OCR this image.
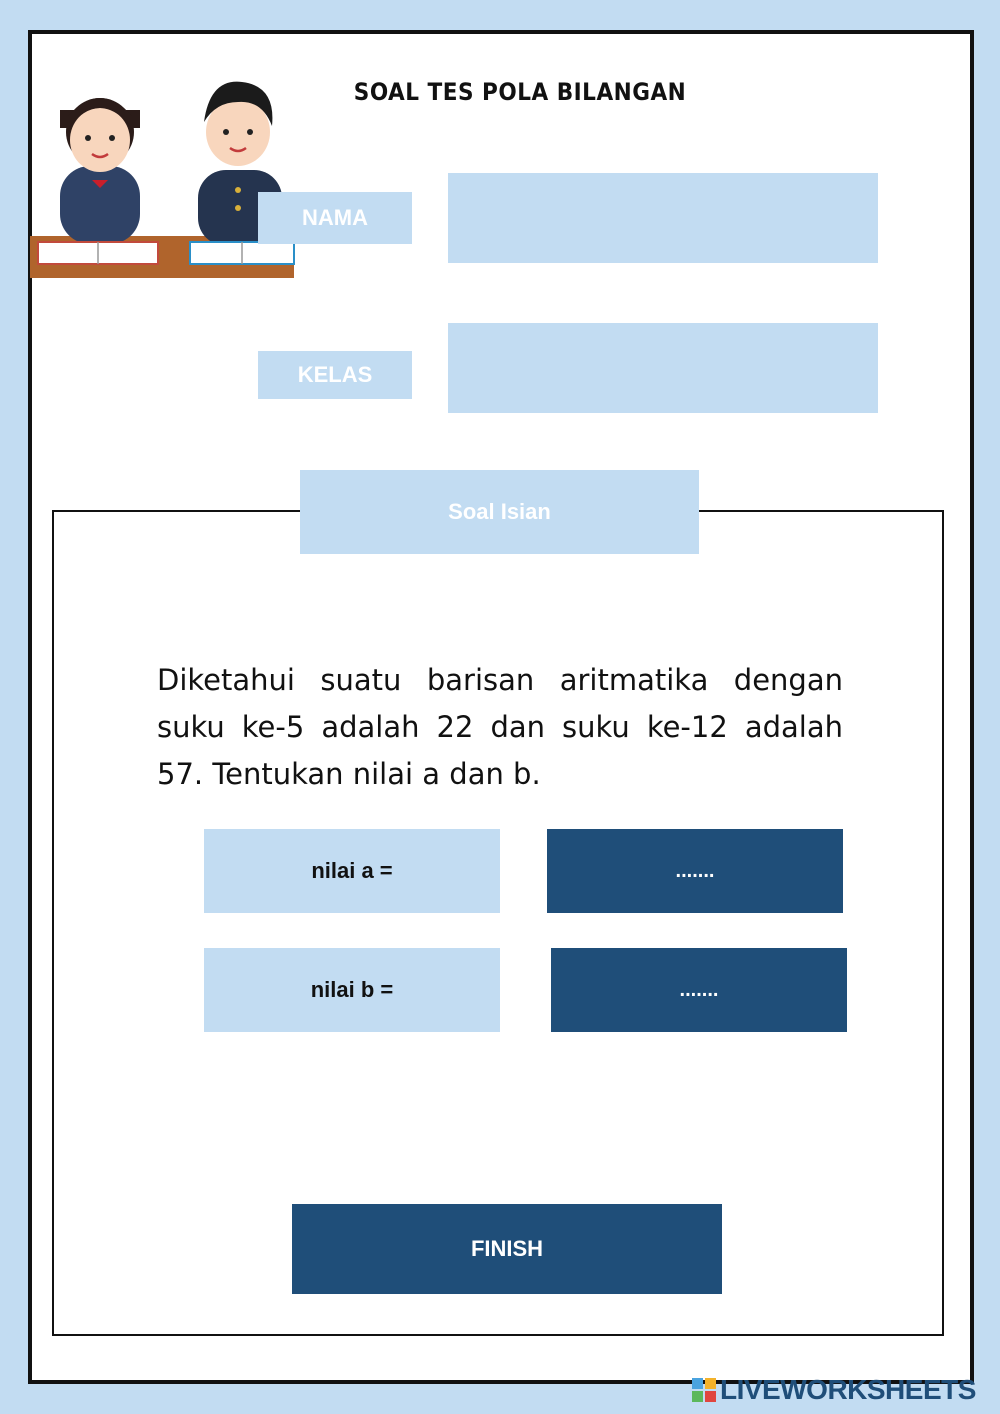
SOAL TES POLA BILANGAN
NAMA
KELAS
Soal Isian
Diketahui suatu barisan aritmatika dengan suku ke-5 adalah 22 dan suku ke-12 adalah 57. Tentukan nilai a dan b.
nilai a =	.......
nilai b =	.......
FINISH
LIVEWORKSHEETS
